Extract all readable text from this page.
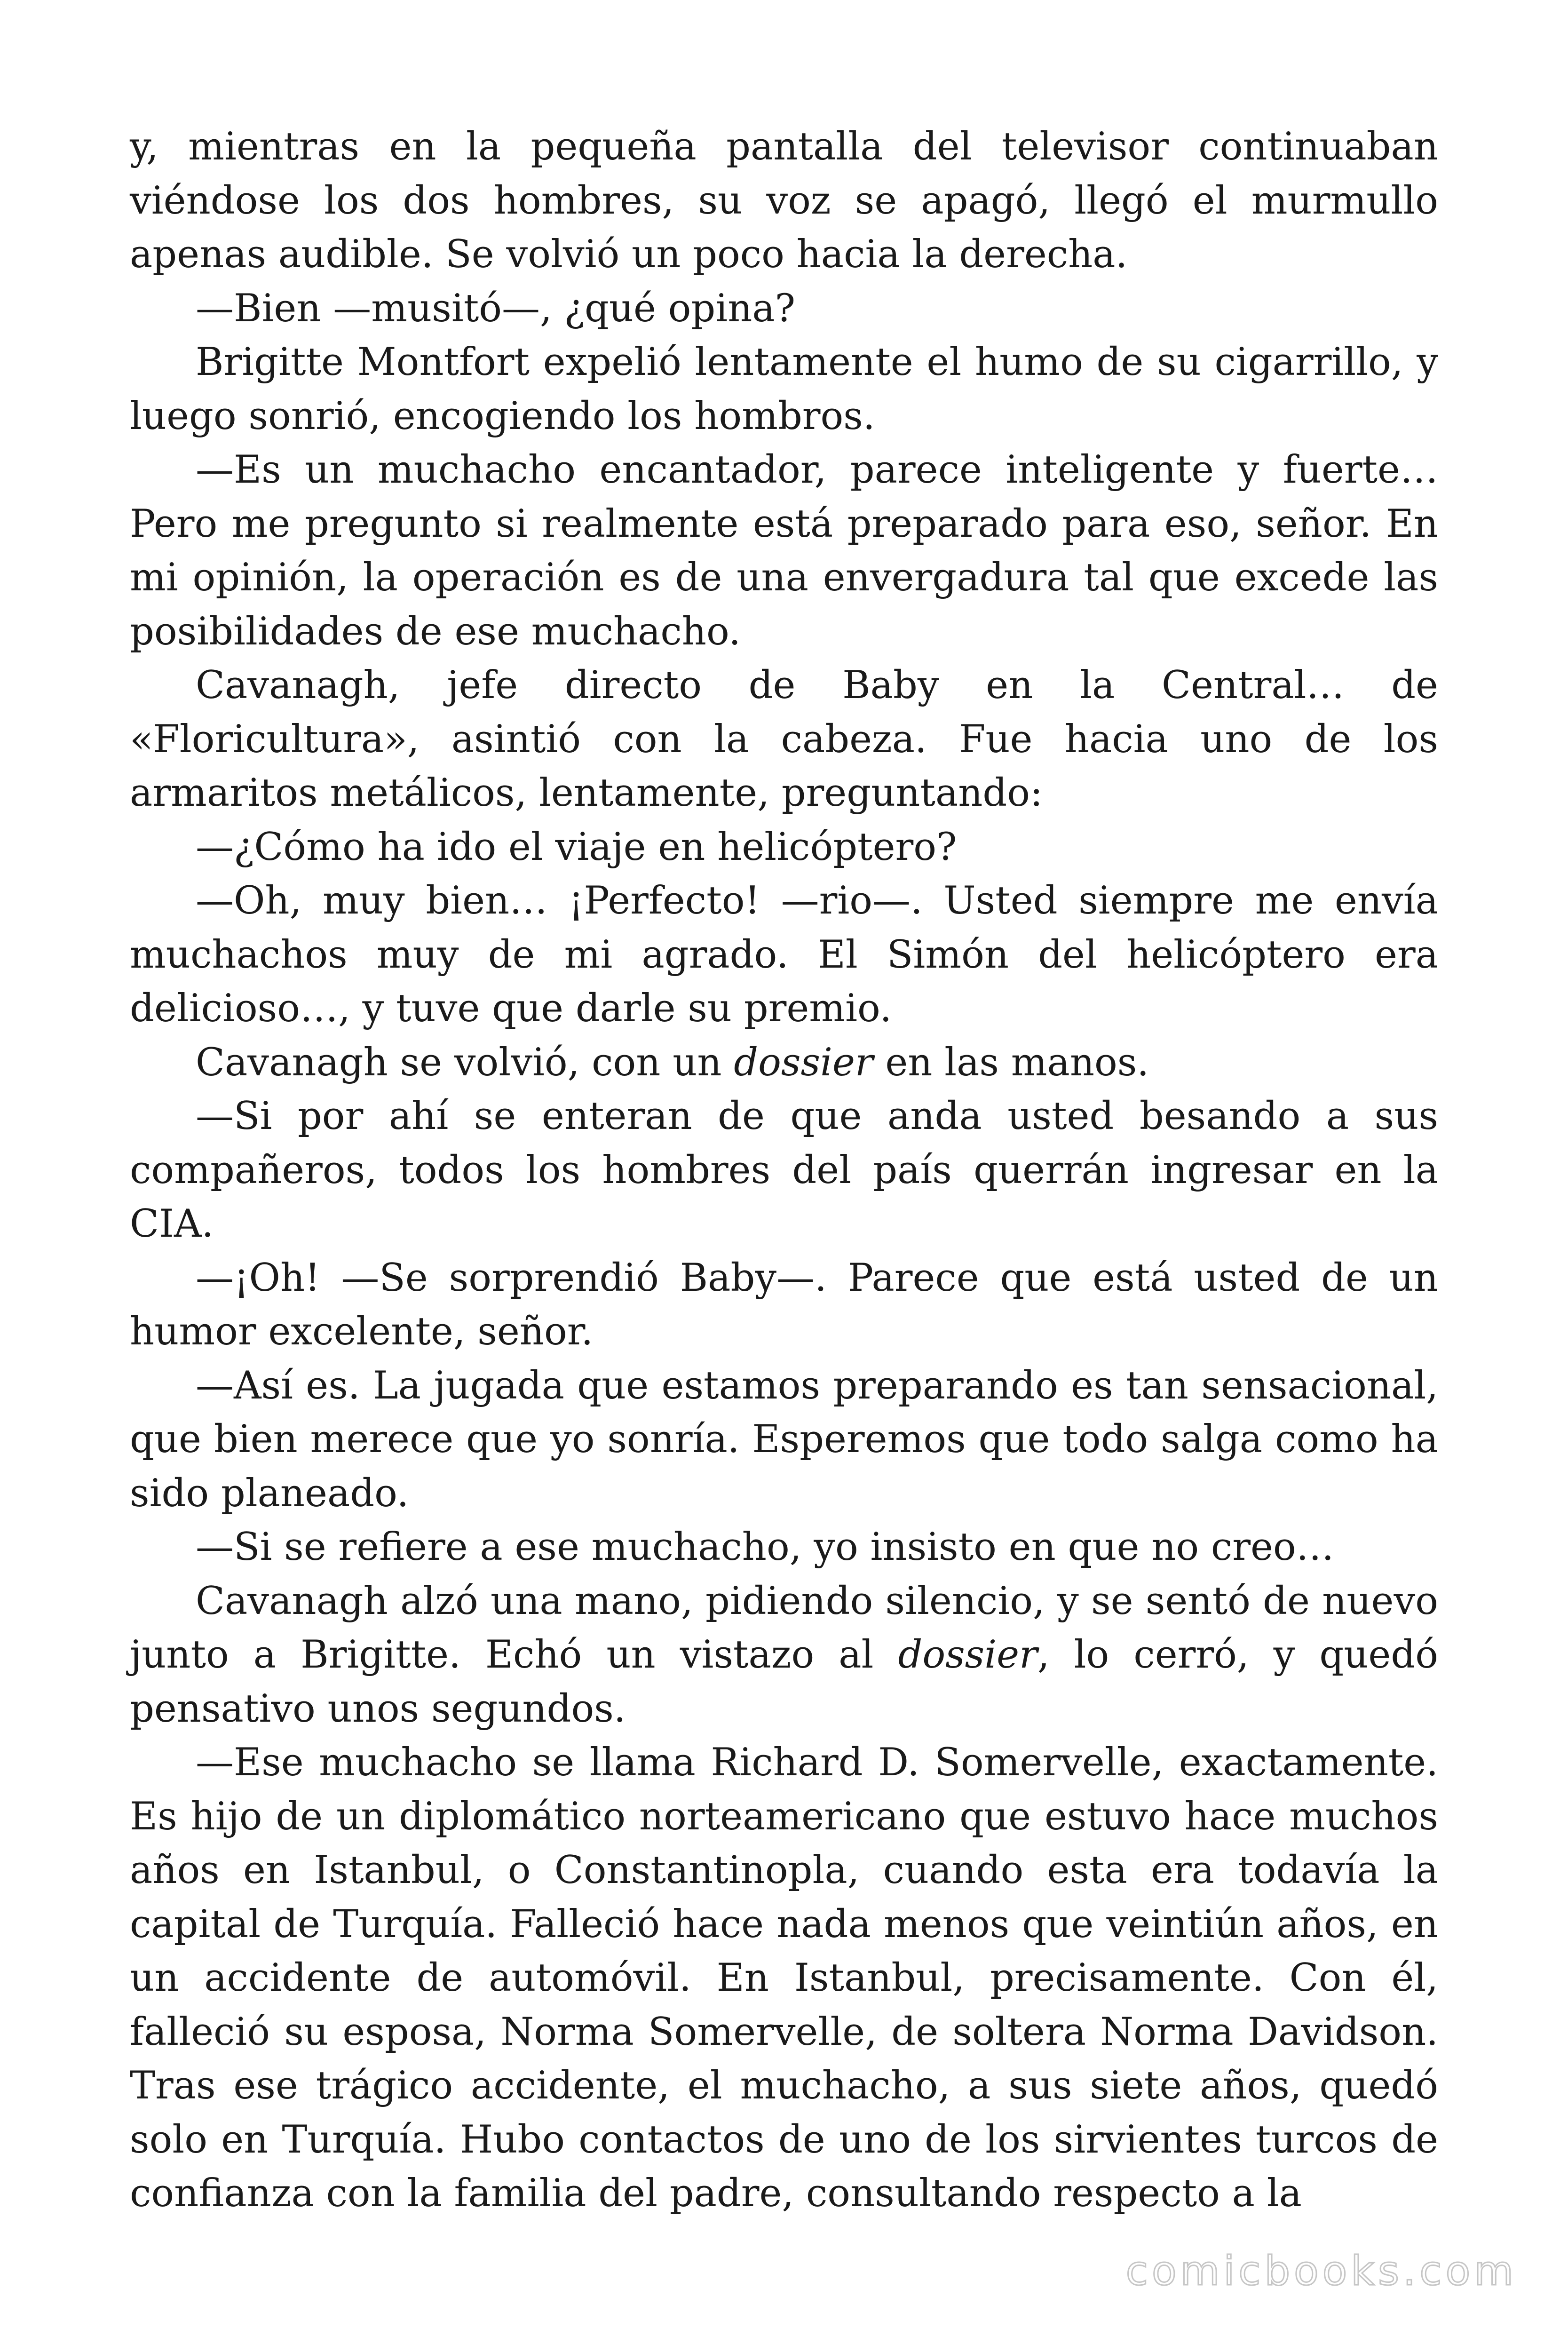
y, mientras en la pequeña pantalla del televisor continuaban viéndose los dos hombres, su voz se apagó, llegó el murmullo apenas audible. Se volvió un poco hacia la derecha.

—Bien —musitó—, ¿qué opina?

Brigitte Montfort expelió lentamente el humo de su cigarrillo, y luego sonrió, encogiendo los hombros.

—Es un muchacho encantador, parece inteligente y fuerte… Pero me pregunto si realmente está preparado para eso, señor. En mi opinión, la operación es de una envergadura tal que excede las posibilidades de ese muchacho.

Cavanagh, jefe directo de Baby en la Central… de «Floricultura», asintió con la cabeza. Fue hacia uno de los armaritos metálicos, lentamente, preguntando:

—¿Cómo ha ido el viaje en helicóptero?

—Oh, muy bien… ¡Perfecto! —rio—. Usted siempre me envía muchachos muy de mi agrado. El Simón del helicóptero era delicioso…, y tuve que darle su premio.

Cavanagh se volvió, con un dossier en las manos.

—Si por ahí se enteran de que anda usted besando a sus compañeros, todos los hombres del país querrán ingresar en la CIA.

—¡Oh! —Se sorprendió Baby—. Parece que está usted de un humor excelente, señor.

—Así es. La jugada que estamos preparando es tan sensacional, que bien merece que yo sonría. Esperemos que todo salga como ha sido planeado.

—Si se refiere a ese muchacho, yo insisto en que no creo…

Cavanagh alzó una mano, pidiendo silencio, y se sentó de nuevo junto a Brigitte. Echó un vistazo al dossier, lo cerró, y quedó pensativo unos segundos.

—Ese muchacho se llama Richard D. Somervelle, exactamente. Es hijo de un diplomático norteamericano que estuvo hace muchos años en Istanbul, o Constantinopla, cuando esta era todavía la capital de Turquía. Falleció hace nada menos que veintiún años, en un accidente de automóvil. En Istanbul, precisamente. Con él, falleció su esposa, Norma Somervelle, de soltera Norma Davidson. Tras ese trágico accidente, el muchacho, a sus siete años, quedó solo en Turquía. Hubo contactos de uno de los sirvientes turcos de confianza con la familia del padre, consultando respecto a la

comicbooks.com
